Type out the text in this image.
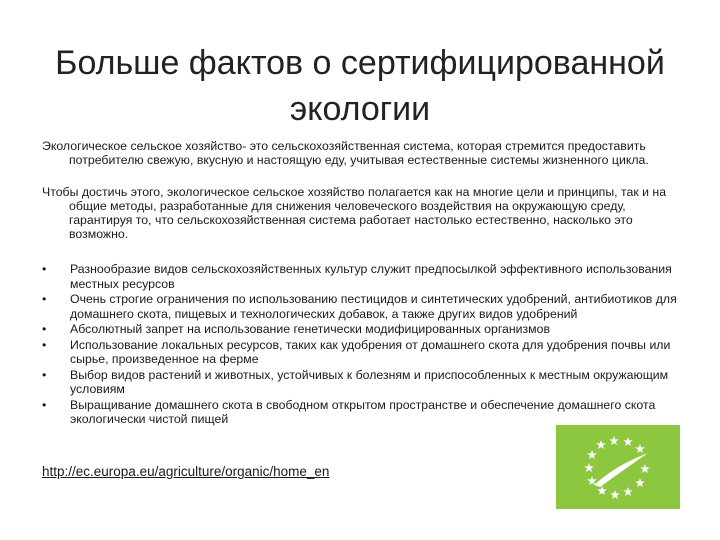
Больше фактов о сертифицированной экологии
Экологическое сельское хозяйство- это сельскохозяйственная система, которая стремится предоставить потребителю свежую, вкусную и настоящую еду, учитывая естественные системы жизненного цикла.
Чтобы достичь этого, экологическое сельское хозяйство полагается как на многие цели и принципы, так и на общие методы, разработанные для снижения человеческого воздействия на окружающую среду, гарантируя то, что сельскохозяйственная система работает настолько естественно, насколько это возможно.
• Разнообразие видов сельскохозяйственных культур служит предпосылкой эффективного использования местных ресурсов
• Очень строгие ограничения по использованию пестицидов и синтетических удобрений, антибиотиков для домашнего скота, пищевых и технологических добавок, а также других видов удобрений
• Абсолютный запрет на использование генетически модифицированных организмов
• Использование локальных ресурсов, таких как удобрения от домашнего скота для удобрения почвы или сырье, произведенное на ферме
• Выбор видов растений и животных, устойчивых к болезням и приспособленных к местным окружающим условиям
• Выращивание домашнего скота в свободном открытом пространстве и обеспечение домашнего скота экологически чистой пищей
http://ec.europa.eu/agriculture/organic/home_en
